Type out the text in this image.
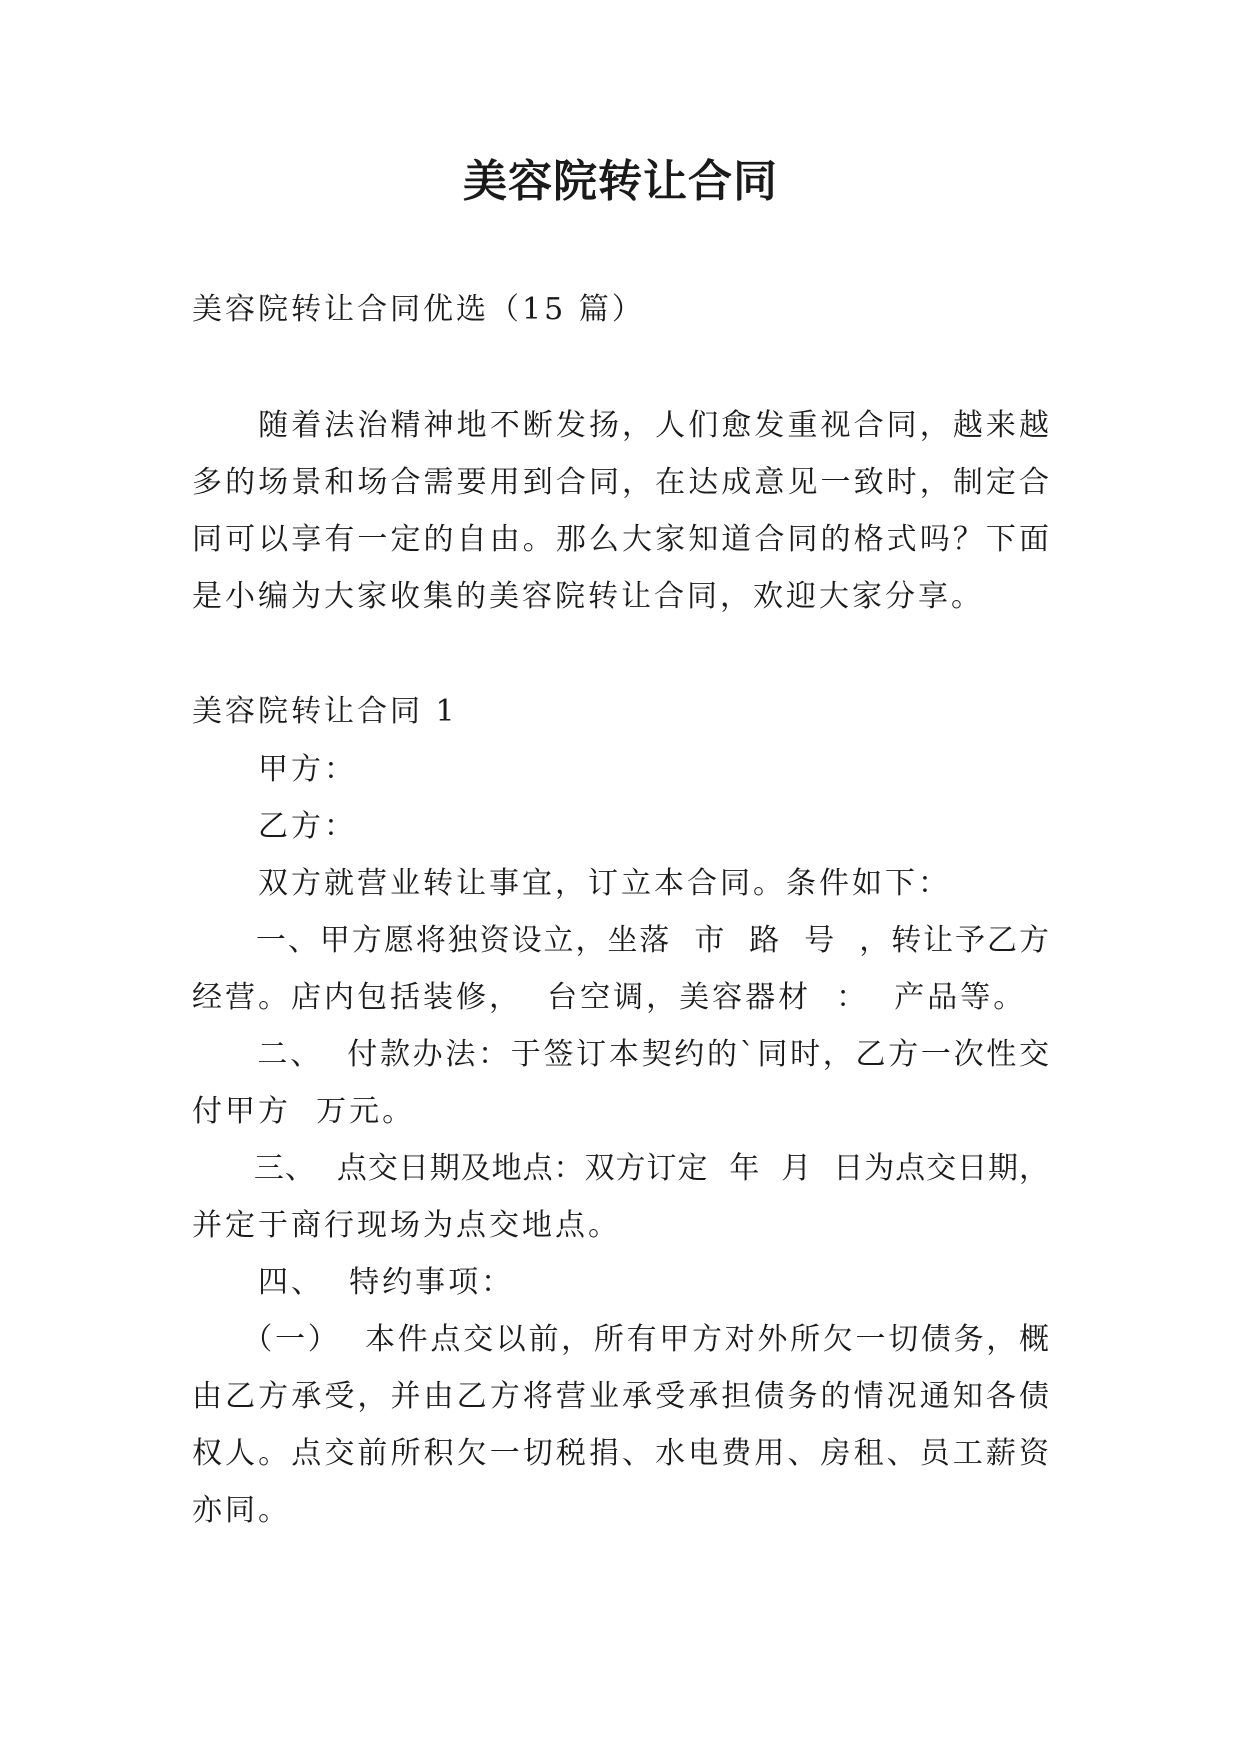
美容院转让合同
美容院转让合同优选（15 篇）
　　随着法治精神地不断发扬，人们愈发重视合同，越来越
多的场景和场合需要用到合同，在达成意见一致时，制定合
同可以享有一定的自由。那么大家知道合同的格式吗？下面
是小编为大家收集的美容院转让合同，欢迎大家分享。
美容院转让合同 1
　　甲方：
　　乙方：
　　双方就营业转让事宜，订立本合同。条件如下：
　　一、甲方愿将独资设立，坐落  市  路  号  ，转让予乙方
经营。店内包括装修，  台空调，美容器材  ：  产品等。
　　二、  付款办法：于签订本契约的`同时，乙方一次性交
付甲方  万元。
　　三、  点交日期及地点：双方订定  年  月  日为点交日期，
并定于商行现场为点交地点。
　　四、  特约事项：
　　（一）  本件点交以前，所有甲方对外所欠一切债务，概
由乙方承受，并由乙方将营业承受承担债务的情况通知各债
权人。点交前所积欠一切税捐、水电费用、房租、员工薪资
亦同。
